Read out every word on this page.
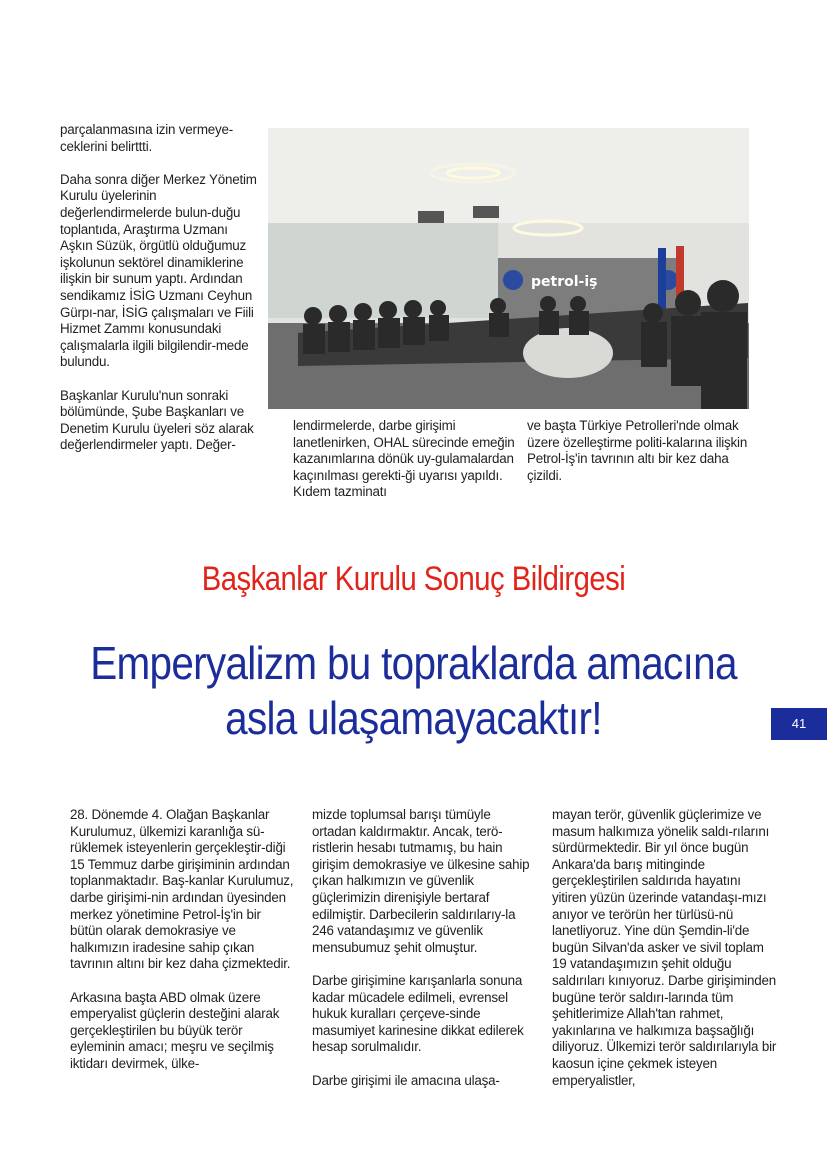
parçalanmasına izin vermeye-ceklerini belirttti.

Daha sonra diğer Merkez Yönetim Kurulu üyelerinin değerlendirmelerde bulun-duğu toplantıda, Araştırma Uzmanı Aşkın Süzük, örgütlü olduğumuz işkolunun sektörel dinamiklerine ilişkin bir sunum yaptı. Ardından sendikamız İSİG Uzmanı Ceyhun Gürpı-nar, İSİG çalışmaları ve Fiili Hizmet Zammı konusundaki çalışmalarla ilgili bilgilendir-mede bulundu.

Başkanlar Kurulu'nun sonraki bölümünde, Şube Başkanları ve Denetim Kurulu üyeleri söz alarak değerlendirmeler yaptı. Değer-

petrol-iş

lendirmelerde, darbe girişimi lanetlenirken, OHAL sürecinde emeğin kazanımlarına dönük uy-gulamalardan kaçınılması gerekti-ği uyarısı yapıldı. Kıdem tazminatı

ve başta Türkiye Petrolleri'nde olmak üzere özelleştirme politi-kalarına ilişkin Petrol-İş'in tavrının altı bir kez daha çizildi.

Başkanlar Kurulu Sonuç Bildirgesi
Emperyalizm bu topraklarda amacına
asla ulaşamayacaktır!	41

28. Dönemde 4. Olağan Başkanlar Kurulumuz, ülkemizi karanlığa sü-rüklemek isteyenlerin gerçekleştir-diği 15 Temmuz darbe girişiminin ardından toplanmaktadır. Baş-kanlar Kurulumuz, darbe girişimi-nin ardından üyesinden merkez yönetimine Petrol-İş'in bir bütün olarak demokrasiye ve halkımızın iradesine sahip çıkan tavrının altını bir kez daha çizmektedir.

Arkasına başta ABD olmak üzere emperyalist güçlerin desteğini alarak gerçekleştirilen bu büyük terör eyleminin amacı; meşru ve seçilmiş iktidarı devirmek, ülke-

mizde toplumsal barışı tümüyle ortadan kaldırmaktır. Ancak, terö-ristlerin hesabı tutmamış, bu hain girişim demokrasiye ve ülkesine sahip çıkan halkımızın ve güvenlik güçlerimizin direnişiyle bertaraf edilmiştir. Darbecilerin saldırılarıy-la 246 vatandaşımız ve güvenlik mensubumuz şehit olmuştur.

Darbe girişimine karışanlarla sonuna kadar mücadele edilmeli, evrensel hukuk kuralları çerçeve-sinde masumiyet karinesine dikkat edilerek hesap sorulmalıdır.

Darbe girişimi ile amacına ulaşa-

mayan terör, güvenlik güçlerimize ve masum halkımıza yönelik saldı-rılarını sürdürmektedir. Bir yıl önce bugün Ankara'da barış mitinginde gerçekleştirilen saldırıda hayatını yitiren yüzün üzerinde vatandaşı-mızı anıyor ve terörün her türlüsü-nü lanetliyoruz. Yine dün Şemdin-li'de bugün Silvan'da asker ve sivil toplam 19 vatandaşımızın şehit olduğu saldırıları kınıyoruz. Darbe girişiminden bugüne terör saldırı-larında tüm şehitlerimize Allah'tan rahmet, yakınlarına ve halkımıza başsağlığı diliyoruz. Ülkemizi terör saldırılarıyla bir kaosun içine çekmek isteyen emperyalistler,
